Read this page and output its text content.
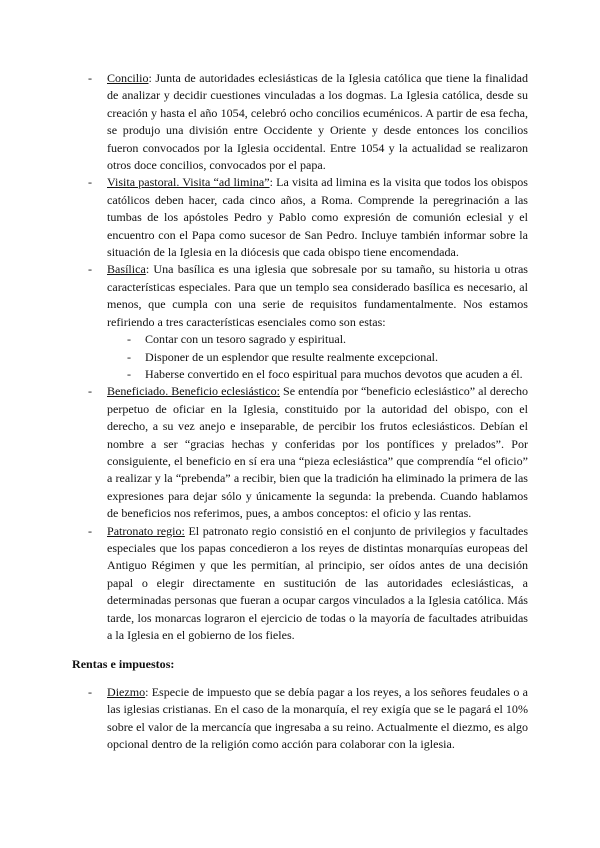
- Concilio: Junta de autoridades eclesiásticas de la Iglesia católica que tiene la finalidad de analizar y decidir cuestiones vinculadas a los dogmas. La Iglesia católica, desde su creación y hasta el año 1054, celebró ocho concilios ecuménicos. A partir de esa fecha, se produjo una división entre Occidente y Oriente y desde entonces los concilios fueron convocados por la Iglesia occidental. Entre 1054 y la actualidad se realizaron otros doce concilios, convocados por el papa.
- Visita pastoral. Visita “ad limina”: La visita ad limina es la visita que todos los obispos católicos deben hacer, cada cinco años, a Roma. Comprende la peregrinación a las tumbas de los apóstoles Pedro y Pablo como expresión de comunión eclesial y el encuentro con el Papa como sucesor de San Pedro. Incluye también informar sobre la situación de la Iglesia en la diócesis que cada obispo tiene encomendada.
- Basílica: Una basílica es una iglesia que sobresale por su tamaño, su historia u otras características especiales. Para que un templo sea considerado basílica es necesario, al menos, que cumpla con una serie de requisitos fundamentalmente. Nos estamos refiriendo a tres características esenciales como son estas:
- Contar con un tesoro sagrado y espiritual.
- Disponer de un esplendor que resulte realmente excepcional.
- Haberse convertido en el foco espiritual para muchos devotos que acuden a él.
- Beneficiado. Beneficio eclesiástico: Se entendía por “beneficio eclesiástico” al derecho perpetuo de oficiar en la Iglesia, constituido por la autoridad del obispo, con el derecho, a su vez anejo e inseparable, de percibir los frutos eclesiásticos. Debían el nombre a ser “gracias hechas y conferidas por los pontífices y prelados”. Por consiguiente, el beneficio en sí era una “pieza eclesiástica” que comprendía “el oficio” a realizar y la “prebenda” a recibir, bien que la tradición ha eliminado la primera de las expresiones para dejar sólo y únicamente la segunda: la prebenda. Cuando hablamos de beneficios nos referimos, pues, a ambos conceptos: el oficio y las rentas.
- Patronato regio: El patronato regio consistió en el conjunto de privilegios y facultades especiales que los papas concedieron a los reyes de distintas monarquías europeas del Antiguo Régimen y que les permitían, al principio, ser oídos antes de una decisión papal o elegir directamente en sustitución de las autoridades eclesiásticas, a determinadas personas que fueran a ocupar cargos vinculados a la Iglesia católica. Más tarde, los monarcas lograron el ejercicio de todas o la mayoría de facultades atribuidas a la Iglesia en el gobierno de los fieles.
Rentas e impuestos:
- Diezmo: Especie de impuesto que se debía pagar a los reyes, a los señores feudales o a las iglesias cristianas. En el caso de la monarquía, el rey exigía que se le pagará el 10% sobre el valor de la mercancía que ingresaba a su reino. Actualmente el diezmo, es algo opcional dentro de la religión como acción para colaborar con la iglesia.
